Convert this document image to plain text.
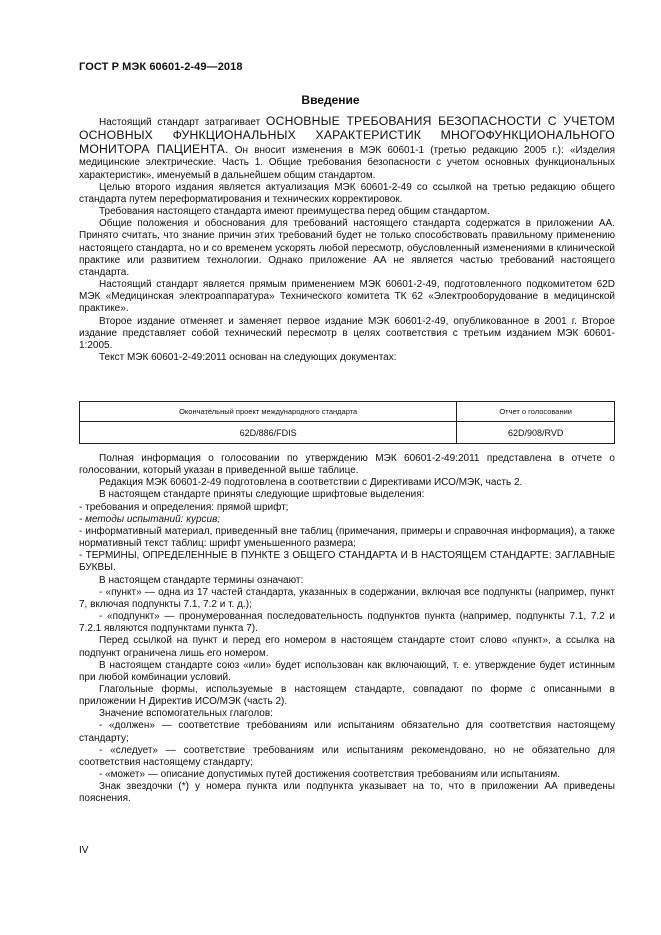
ГОСТ Р МЭК 60601-2-49—2018
Введение

Настоящий стандарт затрагивает ОСНОВНЫЕ ТРЕБОВАНИЯ БЕЗОПАСНОСТИ С УЧЕТОМ ОСНОВНЫХ ФУНКЦИОНАЛЬНЫХ ХАРАКТЕРИСТИК МНОГОФУНКЦИОНАЛЬНОГО МОНИТОРА ПАЦИЕНТА. Он вносит изменения в МЭК 60601-1 (третью редакцию 2005 г.): «Изделия медицинские электрические. Часть 1. Общие требования безопасности с учетом основных функциональных характеристик», именуемый в дальнейшем общим стандартом.

Целью второго издания является актуализация МЭК 60601-2-49 со ссылкой на третью редакцию общего стандарта путем переформатирования и технических корректировок.

Требования настоящего стандарта имеют преимущества перед общим стандартом.

Общие положения и обоснования для требований настоящего стандарта содержатся в приложении АА. Принято считать, что знание причин этих требований будет не только способствовать правильному применению настоящего стандарта, но и со временем ускорять любой пересмотр, обусловленный изменениями в клинической практике или развитием технологии. Однако приложение АА не является частью требований настоящего стандарта.

Настоящий стандарт является прямым применением МЭК 60601-2-49, подготовленного подкомитетом 62D МЭК «Медицинская электроаппаратура» Технического комитета ТК 62 «Электрооборудование в медицинской практике».

Второе издание отменяет и заменяет первое издание МЭК 60601-2-49, опубликованное в 2001 г. Второе издание представляет собой технический пересмотр в целях соответствия с третьим изданием МЭК 60601-1:2005.

Текст МЭК 60601-2-49:2011 основан на следующих документах:

Окончательный проект международного стандарта	Отчет о голосовании
62D/886/FDIS	62D/908/RVD

Полная информация о голосовании по утверждению МЭК 60601-2-49:2011 представлена в отчете о голосовании, который указан в приведенной выше таблице.

Редакция МЭК 60601-2-49 подготовлена в соответствии с Директивами ИСО/МЭК, часть 2.

В настоящем стандарте приняты следующие шрифтовые выделения:

- требования и определения: прямой шрифт;

- методы испытаний: курсив;

- информативный материал, приведенный вне таблиц (примечания, примеры и справочная информация), а также нормативный текст таблиц: шрифт уменьшенного размера;

- ТЕРМИНЫ, ОПРЕДЕЛЕННЫЕ В ПУНКТЕ 3 ОБЩЕГО СТАНДАРТА И В НАСТОЯЩЕМ СТАНДАРТЕ: ЗАГЛАВНЫЕ БУКВЫ.

В настоящем стандарте термины означают:

- «пункт» — одна из 17 частей стандарта, указанных в содержании, включая все подпункты (например, пункт 7, включая подпункты 7.1, 7.2 и т. д.);

- «подпункт» — пронумерованная последовательность подпунктов пункта (например, подпункты 7.1, 7.2 и 7.2.1 являются подпунктами пункта 7).

Перед ссылкой на пункт и перед его номером в настоящем стандарте стоит слово «пункт», а ссылка на подпункт ограничена лишь его номером.

В настоящем стандарте союз «или» будет использован как включающий, т. е. утверждение будет истинным при любой комбинации условий.

Глагольные формы, используемые в настоящем стандарте, совпадают по форме с описанными в приложении Н Директив ИСО/МЭК (часть 2).

Значение вспомогательных глаголов:

- «должен» — соответствие требованиям или испытаниям обязательно для соответствия настоящему стандарту;

- «следует» — соответствие требованиям или испытаниям рекомендовано, но не обязательно для соответствия настоящему стандарту;

- «может» — описание допустимых путей достижения соответствия требованиям или испытаниям.

Знак звездочки (*) у номера пункта или подпункта указывает на то, что в приложении АА приведены пояснения.

IV
